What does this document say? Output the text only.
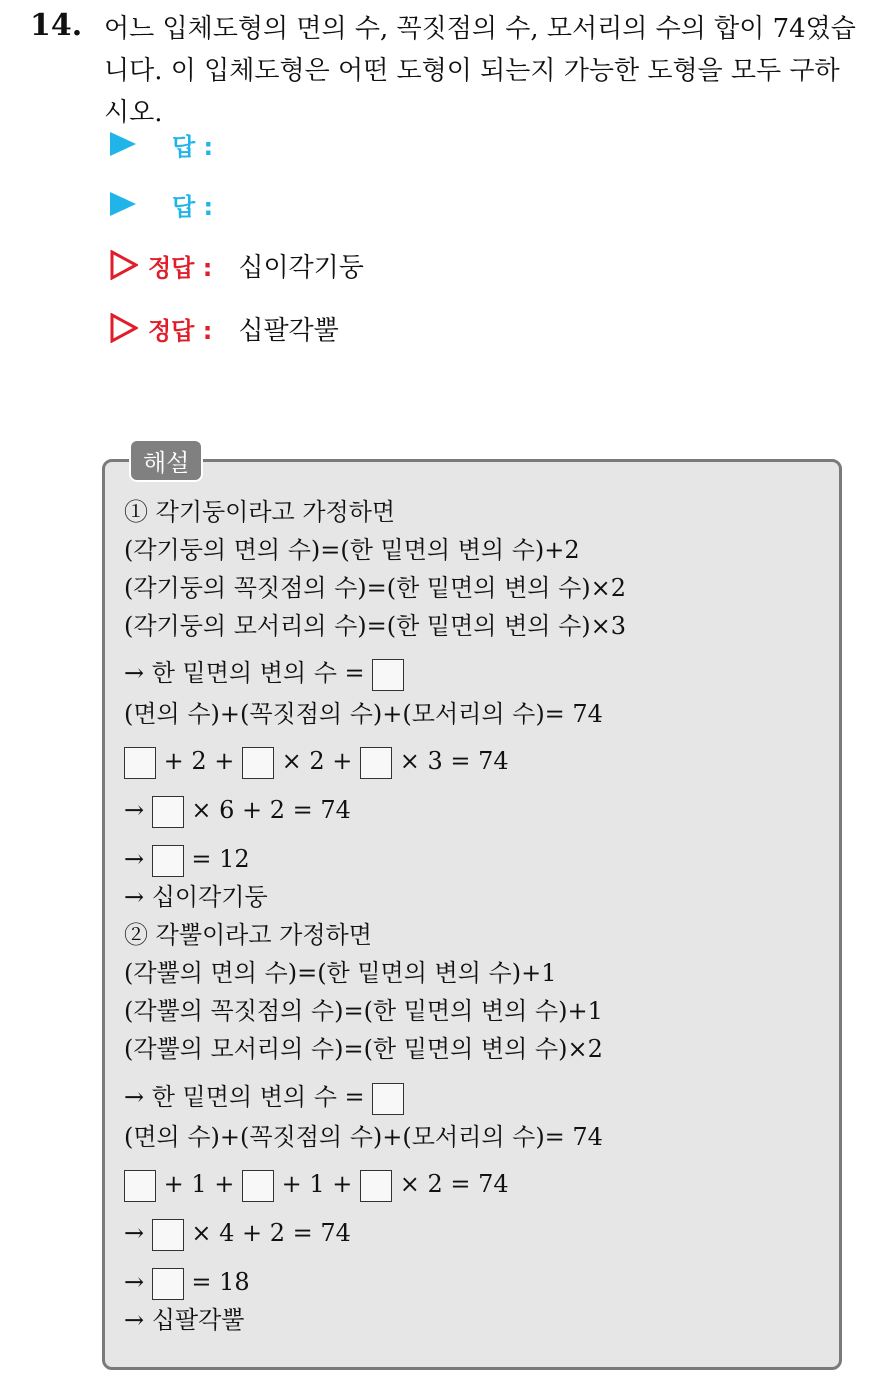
14. 어느 입체도형의 면의 수, 꼭짓점의 수, 모서리의 수의 합이 74였습니다. 이 입체도형은 어떤 도형이 되는지 가능한 도형을 모두 구하시오.
답 :
답 :
정답 : 십이각기둥
정답 : 십팔각뿔
해설
① 각기둥이라고 가정하면
(각기둥의 면의 수)=(한 밑면의 변의 수)+2
(각기둥의 꼭짓점의 수)=(한 밑면의 변의 수)×2
(각기둥의 모서리의 수)=(한 밑면의 변의 수)×3
→ 한 밑면의 변의 수 =
(면의 수)+(꼭짓점의 수)+(모서리의 수)= 74
+ 2 + × 2 + × 3 = 74
→ × 6 + 2 = 74
→ = 12
→ 십이각기둥
② 각뿔이라고 가정하면
(각뿔의 면의 수)=(한 밑면의 변의 수)+1
(각뿔의 꼭짓점의 수)=(한 밑면의 변의 수)+1
(각뿔의 모서리의 수)=(한 밑면의 변의 수)×2
→ 한 밑면의 변의 수 =
(면의 수)+(꼭짓점의 수)+(모서리의 수)= 74
+ 1 + + 1 + × 2 = 74
→ × 4 + 2 = 74
→ = 18
→ 십팔각뿔
